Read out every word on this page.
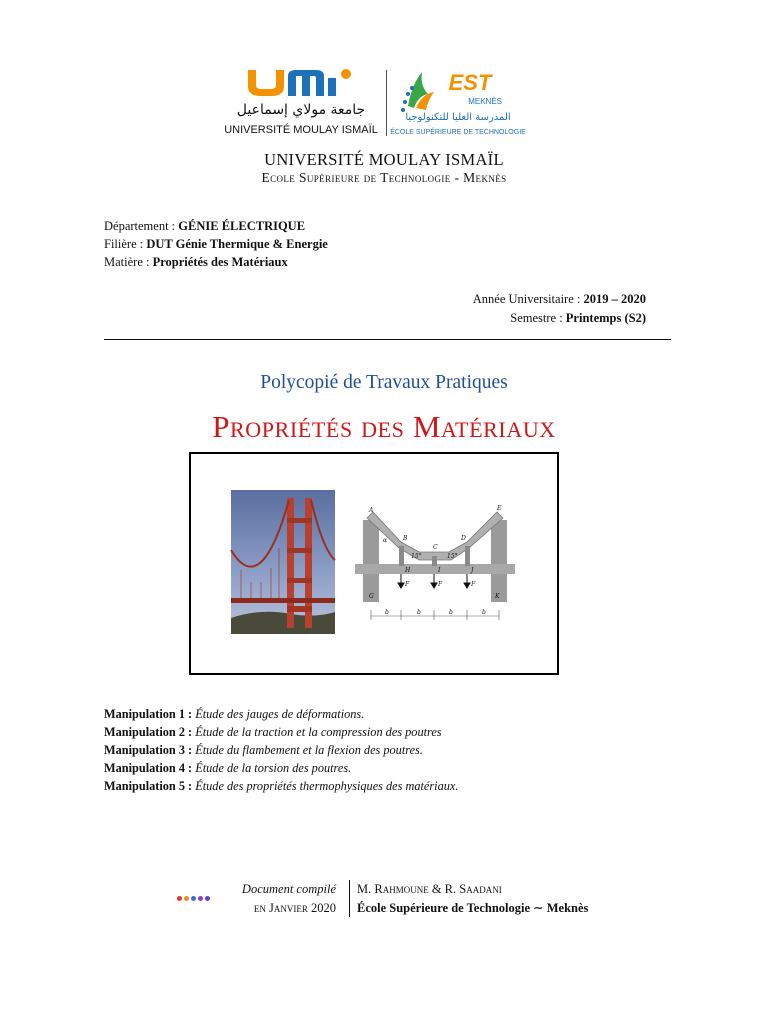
جامعة مولاي إسماعيل
UNIVERSITÉ MOULAY ISMAÏL
EST
MEKNÈS
المدرسة العليا للتكنولوجيا
ÉCOLE SUPÉRIEURE DE TECHNOLOGIE
UNIVERSITÉ MOULAY ISMAÏL
Ecole Supérieure de Technologie - Meknès
Département : GÉNIE ÉLECTRIQUE
Filière : DUT Génie Thermique & Energie
Matière : Propriétés des Matériaux
Année Universitaire : 2019 – 2020
Semestre : Printemps (S2)
Polycopié de Travaux Pratiques
Propriétés des Matériaux
A
B
C
D
E
G
H	I	J
K
15°	15°
α
F	F	F
b	b	b	b
Manipulation 1 : Étude des jauges de déformations.
Manipulation 2 : Étude de la traction et la compression des poutres
Manipulation 3 : Étude du flambement et la flexion des poutres.
Manipulation 4 : Étude de la torsion des poutres.
Manipulation 5 : Étude des propriétés thermophysiques des matériaux.
Document compilé
en Janvier 2020
M. Rahmoune & R. Saadani
École Supérieure de Technologie ∼ Meknès
